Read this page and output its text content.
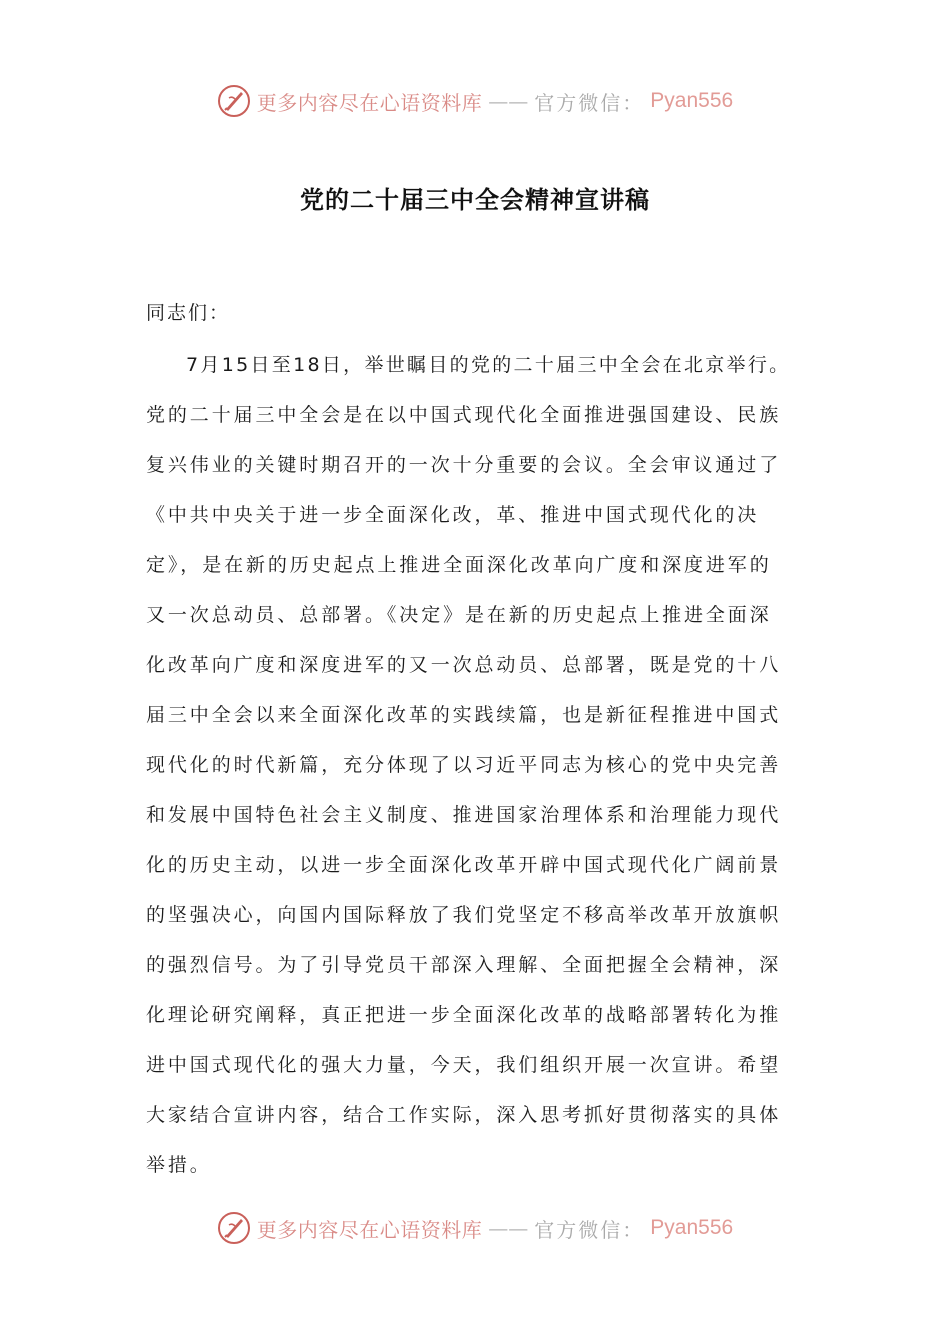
更多内容尽在心语资料库 —— 官方微信： Pyan556
党的二十届三中全会精神宣讲稿
同志们：
7月15日至18日，举世瞩目的党的二十届三中全会在北京举行。
党的二十届三中全会是在以中国式现代化全面推进强国建设、民族
复兴伟业的关键时期召开的一次十分重要的会议。全会审议通过了
《中共中央关于进一步全面深化改，革、推进中国式现代化的决
定》，是在新的历史起点上推进全面深化改革向广度和深度进军的
又一次总动员、总部署。《决定》是在新的历史起点上推进全面深
化改革向广度和深度进军的又一次总动员、总部署，既是党的十八
届三中全会以来全面深化改革的实践续篇，也是新征程推进中国式
现代化的时代新篇，充分体现了以习近平同志为核心的党中央完善
和发展中国特色社会主义制度、推进国家治理体系和治理能力现代
化的历史主动，以进一步全面深化改革开辟中国式现代化广阔前景
的坚强决心，向国内国际释放了我们党坚定不移高举改革开放旗帜
的强烈信号。为了引导党员干部深入理解、全面把握全会精神，深
化理论研究阐释，真正把进一步全面深化改革的战略部署转化为推
进中国式现代化的强大力量，今天，我们组织开展一次宣讲。希望
大家结合宣讲内容，结合工作实际，深入思考抓好贯彻落实的具体
举措。
更多内容尽在心语资料库 —— 官方微信： Pyan556
